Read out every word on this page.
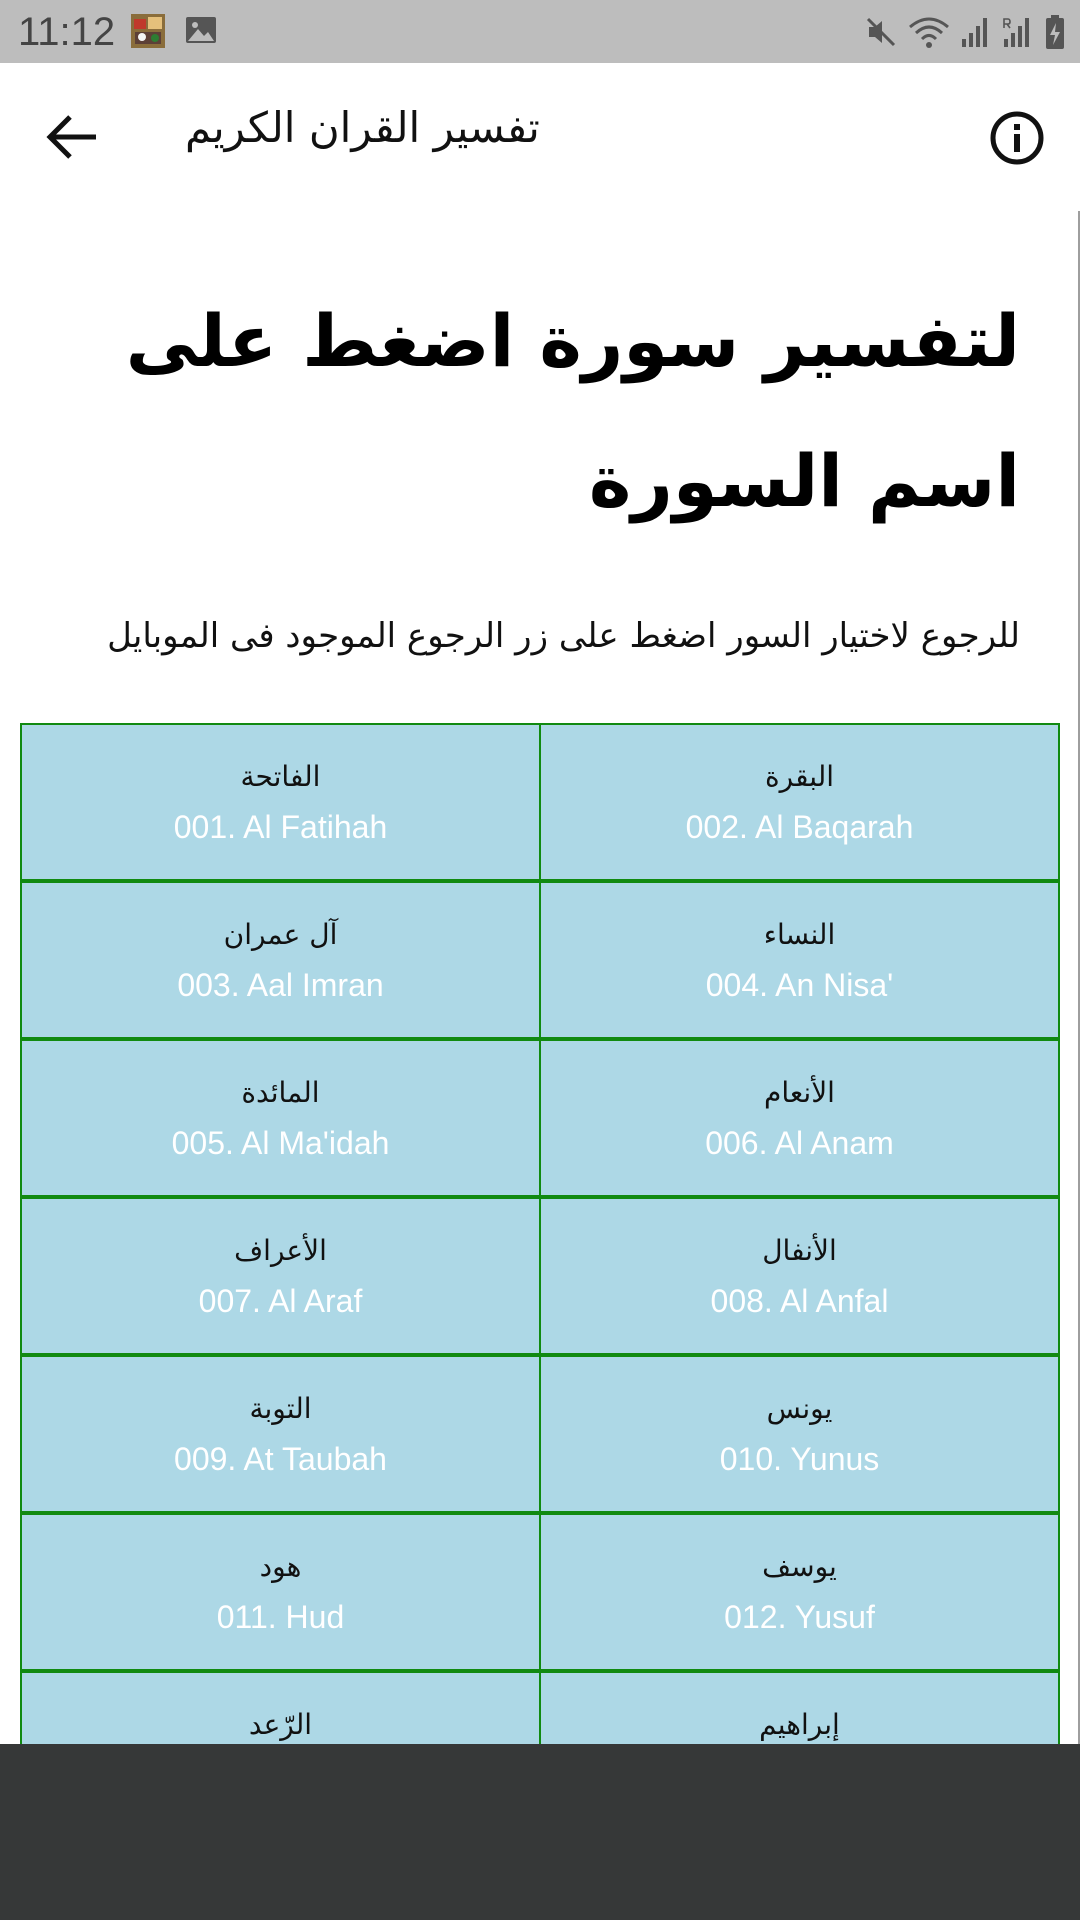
11:12
تفسير القران الكريم
لتفسير سورة اضغط على اسم السورة

للرجوع لاختيار السور اضغط على زر الرجوع الموجود فى الموبايل

الفاتحة
001. Al Fatihah
البقرة
002. Al Baqarah
آل عمران
003. Aal Imran
النساء
004. An Nisa'
المائدة
005. Al Ma'idah
الأنعام
006. Al Anam
الأعراف
007. Al Araf
الأنفال
008. Al Anfal
التوبة
009. At Taubah
يونس
010. Yunus
هود
011. Hud
يوسف
012. Yusuf
الرّعد	إبراهيم
